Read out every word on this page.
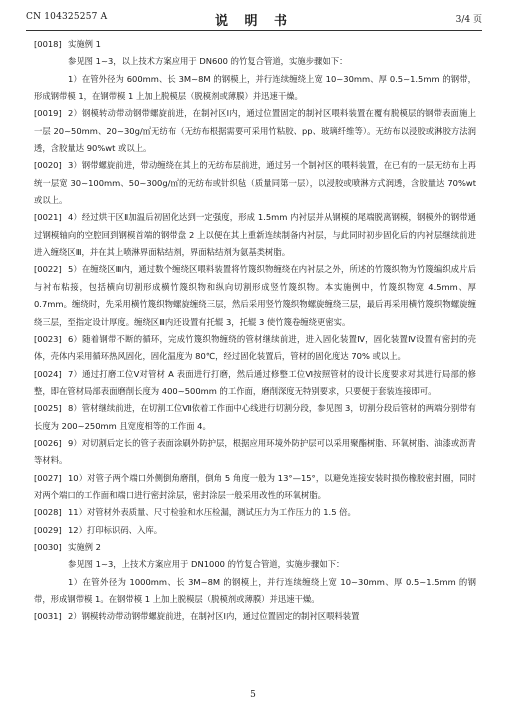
CN 104325257 A	说 明 书	3/4 页

[0018] 实施例 1

参见图 1~3，以上技术方案应用于 DN600 的竹复合管道，实施步骤如下：

1）在管外径为 600mm、长 3M~8M 的钢模上，并行连续缠绕上宽 10~30mm、厚 0.5~1.5mm 的钢带，形成钢带模 1，在钢带模 1 上加上脱模层（脱模剂或薄膜）并迅速干燥。

[0019] 2）钢模转动带动钢带螺旋前进，在制衬区Ⅰ内，通过位置固定的制衬区喂料装置在覆有脱模层的钢带表面施上一层 20~50mm、20~30g/㎡无纺布（无纺布根据需要可采用竹粘胶、pp、玻璃纤维等）。无纺布以浸胶或淋胶方法润透，含胶量达 90%wt 或以上。

[0020] 3）钢带螺旋前进，带动缠绕在其上的无纺布层前进，通过另一个制衬区的喂料装置，在已有的一层无纺布上再统一层宽 30~100mm、50~300g/㎡的无纺布或针织毡（质量同第一层），以浸胶或喷淋方式润透，含胶量达 70%wt 或以上。

[0021] 4）经过烘干区Ⅱ加温后初固化达到一定强度，形成 1.5mm 内衬层并从钢模的尾端脱离钢模，钢模外的钢带通过钢模轴向的空腔回到钢模首端的钢带盘 2 上以便在其上重新连续制备内衬层，与此同时初步固化后的内衬层继续前进进入缠绕区Ⅲ，并在其上喷淋界面粘结剂，界面粘结剂为氨基类树脂。

[0022] 5）在缠绕区Ⅲ内，通过数个缠绕区喂料装置将竹篾织物缠绕在内衬层之外，所述的竹篾织物为竹篾编织成片后与衬布粘接，包括横向切割形成横竹篾织物和纵向切割形成竖竹篾织物。本实施例中，竹篾织物宽 4.5mm、厚 0.7mm。缠绕时，先采用横竹篾织物螺旋缠绕三层，然后采用竖竹篾织物螺旋缠绕三层，最后再采用横竹篾织物螺旋缠绕三层，至指定设计厚度。缠绕区Ⅲ内还设置有托辊 3，托辊 3 使竹篾卷缠绕更密实。

[0023] 6）随着钢带不断的循环，完成竹篾织物缠绕的管材继续前进，进入固化装置Ⅳ，固化装置Ⅳ设置有密封的壳体，壳体内采用循环热风固化，固化温度为 80℃，经过固化装置后，管材的固化度达 70% 或以上。

[0024] 7）通过打磨工位Ⅴ对管材 A 表面进行打磨，然后通过修整工位Ⅵ按照管材的设计长度要求对其进行局部的修整，即在管材局部表面磨削长度为 400~500mm 的工作面，磨削深度无特别要求，只要便于套装连接即可。

[0025] 8）管材继续前进，在切割工位Ⅶ依着工作面中心线进行切割分段，参见图 3，切割分段后管材的两端分别带有长度为 200~250mm 且宽度相等的工作面 4。

[0026] 9）对切割后定长的管子表面涂刷外防护层，根据应用环境外防护层可以采用聚酯树脂、环氧树脂、油漆或沥青等材料。

[0027] 10）对管子两个端口外侧倒角磨削，倒角 5 角度一般为 13°—15°，以避免连接安装时损伤橡胶密封圈，同时对两个端口的工作面和端口进行密封涂层，密封涂层一般采用改性的环氧树脂。

[0028] 11）对管材外表质量、尺寸检验和水压检漏，测试压力为工作压力的 1.5 倍。

[0029] 12）打印标识码、入库。

[0030] 实施例 2

参见图 1~3，上技术方案应用于 DN1000 的竹复合管道，实施步骤如下：

1）在管外径为 1000mm、长 3M~8M 的钢模上，并行连续缠绕上宽 10~30mm、厚 0.5~1.5mm 的钢带，形成钢带模 1。在钢带模 1 上加上脱模层（脱模剂或薄膜）并迅速干燥。

[0031] 2）钢模转动带动钢带螺旋前进，在制衬区Ⅰ内，通过位置固定的制衬区喂料装置

5
